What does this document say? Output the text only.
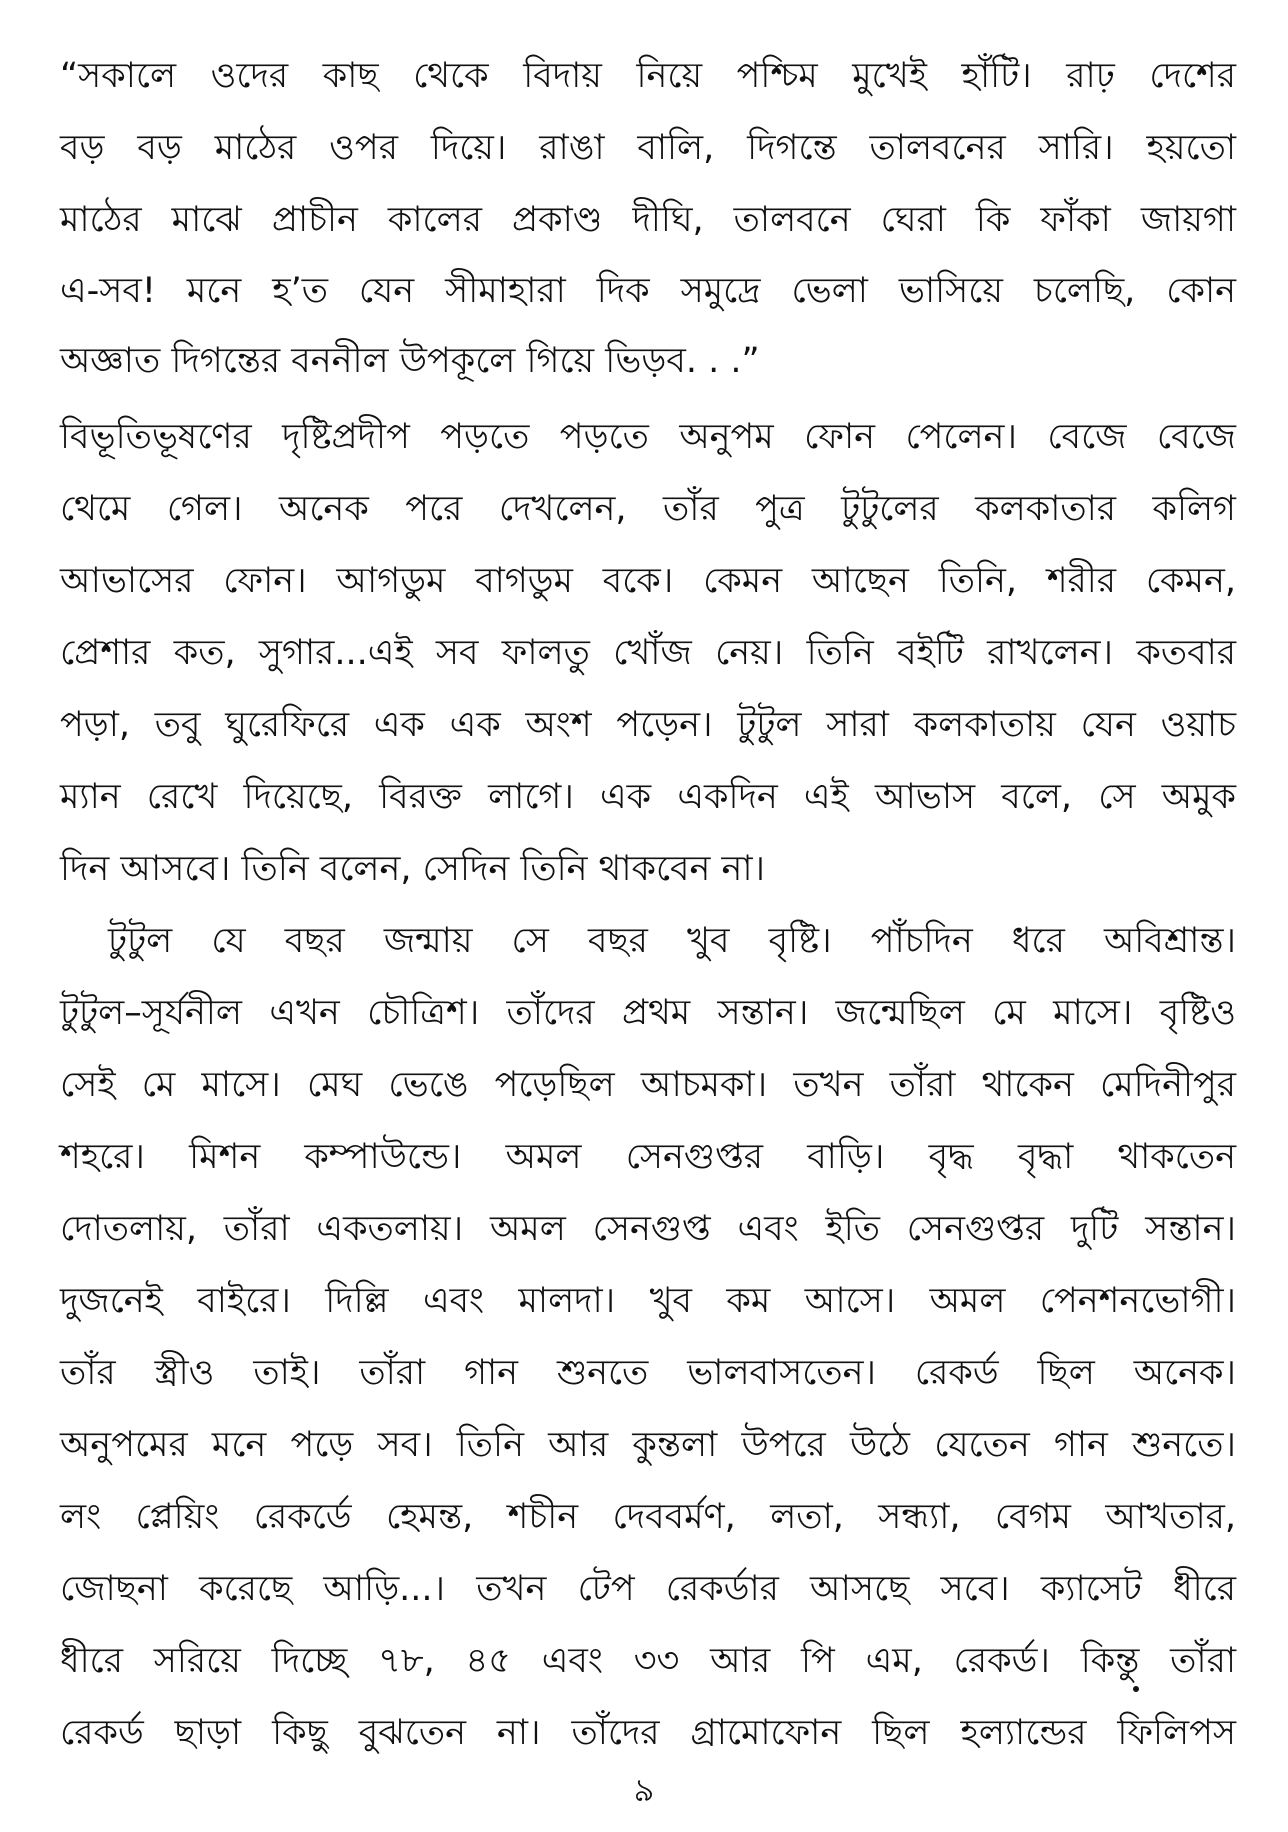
“সকালে ওদের কাছ থেকে বিদায় নিয়ে পশ্চিম মুখেই হাঁটি। রাঢ় দেশের
বড় বড় মাঠের ওপর দিয়ে। রাঙা বালি, দিগন্তে তালবনের সারি। হয়তো
মাঠের মাঝে প্রাচীন কালের প্রকাণ্ড দীঘি, তালবনে ঘেরা কি ফাঁকা জায়গা
এ-সব! মনে হ’ত যেন সীমাহারা দিক সমুদ্রে ভেলা ভাসিয়ে চলেছি, কোন
অজ্ঞাত দিগন্তের বননীল উপকূলে গিয়ে ভিড়ব. . .”
বিভূতিভূষণের দৃষ্টিপ্রদীপ পড়তে পড়তে অনুপম ফোন পেলেন। বেজে বেজে
থেমে গেল। অনেক পরে দেখলেন, তাঁর পুত্র টুটুলের কলকাতার কলিগ
আভাসের ফোন। আগডুম বাগডুম বকে। কেমন আছেন তিনি, শরীর কেমন,
প্রেশার কত, সুগার...এই সব ফালতু খোঁজ নেয়। তিনি বইটি রাখলেন। কতবার
পড়া, তবু ঘুরেফিরে এক এক অংশ পড়েন। টুটুল সারা কলকাতায় যেন ওয়াচ
ম্যান রেখে দিয়েছে, বিরক্ত লাগে। এক একদিন এই আভাস বলে, সে অমুক
দিন আসবে। তিনি বলেন, সেদিন তিনি থাকবেন না।
টুটুল যে বছর জন্মায় সে বছর খুব বৃষ্টি। পাঁচদিন ধরে অবিশ্রান্ত।
টুটুল–সূর্যনীল এখন চৌত্রিশ। তাঁদের প্রথম সন্তান। জন্মেছিল মে মাসে। বৃষ্টিও
সেই মে মাসে। মেঘ ভেঙে পড়েছিল আচমকা। তখন তাঁরা থাকেন মেদিনীপুর
শহরে। মিশন কম্পাউন্ডে। অমল সেনগুপ্তর বাড়ি। বৃদ্ধ বৃদ্ধা থাকতেন
দোতলায়, তাঁরা একতলায়। অমল সেনগুপ্ত এবং ইতি সেনগুপ্তর দুটি সন্তান।
দুজনেই বাইরে। দিল্লি এবং মালদা। খুব কম আসে। অমল পেনশনভোগী।
তাঁর স্ত্রীও তাই। তাঁরা গান শুনতে ভালবাসতেন। রেকর্ড ছিল অনেক।
অনুপমের মনে পড়ে সব। তিনি আর কুন্তলা উপরে উঠে যেতেন গান শুনতে।
লং প্লেয়িং রেকর্ডে হেমন্ত, শচীন দেববর্মণ, লতা, সন্ধ্যা, বেগম আখতার,
জোছনা করেছে আড়ি...। তখন টেপ রেকর্ডার আসছে সবে। ক্যাসেট ধীরে
ধীরে সরিয়ে দিচ্ছে ৭৮, ৪৫ এবং ৩৩ আর পি এম, রেকর্ড। কিন্তু তাঁরা
রেকর্ড ছাড়া কিছু বুঝতেন না। তাঁদের গ্রামোফোন ছিল হল্যান্ডের ফিলিপস
৯
